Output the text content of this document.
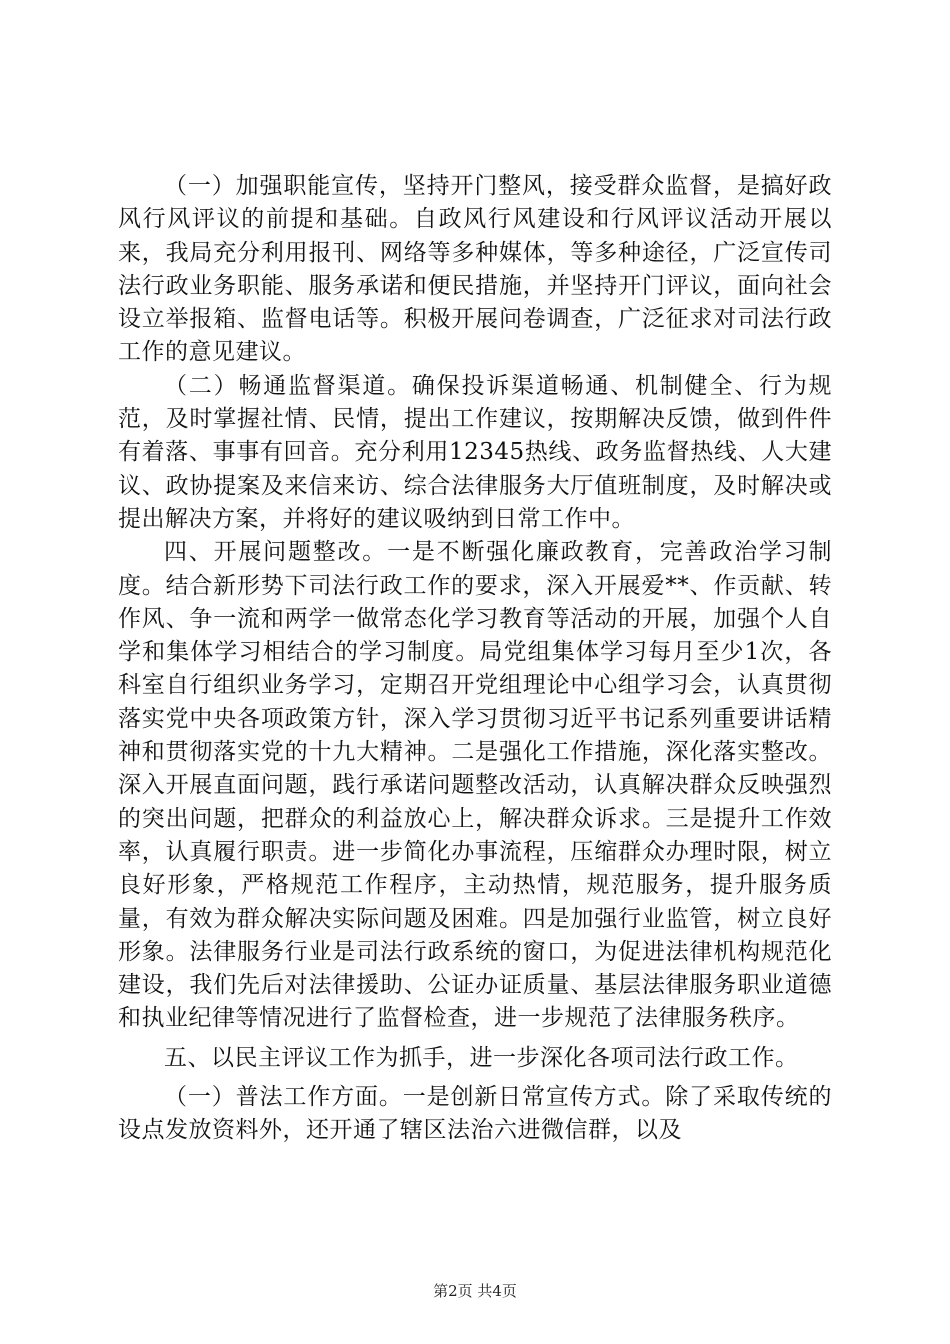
（一）加强职能宣传，坚持开门整风，接受群众监督，是搞好政风行风评议的前提和基础。自政风行风建设和行风评议活动开展以来，我局充分利用报刊、网络等多种媒体，等多种途径，广泛宣传司法行政业务职能、服务承诺和便民措施，并坚持开门评议，面向社会设立举报箱、监督电话等。积极开展问卷调查，广泛征求对司法行政工作的意见建议。

（二）畅通监督渠道。确保投诉渠道畅通、机制健全、行为规范，及时掌握社情、民情，提出工作建议，按期解决反馈，做到件件有着落、事事有回音。充分利用12345热线、政务监督热线、人大建议、政协提案及来信来访、综合法律服务大厅值班制度，及时解决或提出解决方案，并将好的建议吸纳到日常工作中。

四、开展问题整改。一是不断强化廉政教育，完善政治学习制度。结合新形势下司法行政工作的要求，深入开展爱**、作贡献、转作风、争一流和两学一做常态化学习教育等活动的开展，加强个人自学和集体学习相结合的学习制度。局党组集体学习每月至少1次，各科室自行组织业务学习，定期召开党组理论中心组学习会，认真贯彻落实党中央各项政策方针，深入学习贯彻习近平书记系列重要讲话精神和贯彻落实党的十九大精神。二是强化工作措施，深化落实整改。深入开展直面问题，践行承诺问题整改活动，认真解决群众反映强烈的突出问题，把群众的利益放心上，解决群众诉求。三是提升工作效率，认真履行职责。进一步简化办事流程，压缩群众办理时限，树立良好形象，严格规范工作程序，主动热情，规范服务，提升服务质量，有效为群众解决实际问题及困难。四是加强行业监管，树立良好形象。法律服务行业是司法行政系统的窗口，为促进法律机构规范化建设，我们先后对法律援助、公证办证质量、基层法律服务职业道德和执业纪律等情况进行了监督检查，进一步规范了法律服务秩序。

五、以民主评议工作为抓手，进一步深化各项司法行政工作。

（一）普法工作方面。一是创新日常宣传方式。除了采取传统的设点发放资料外，还开通了辖区法治六进微信群，以及

第2页 共4页
